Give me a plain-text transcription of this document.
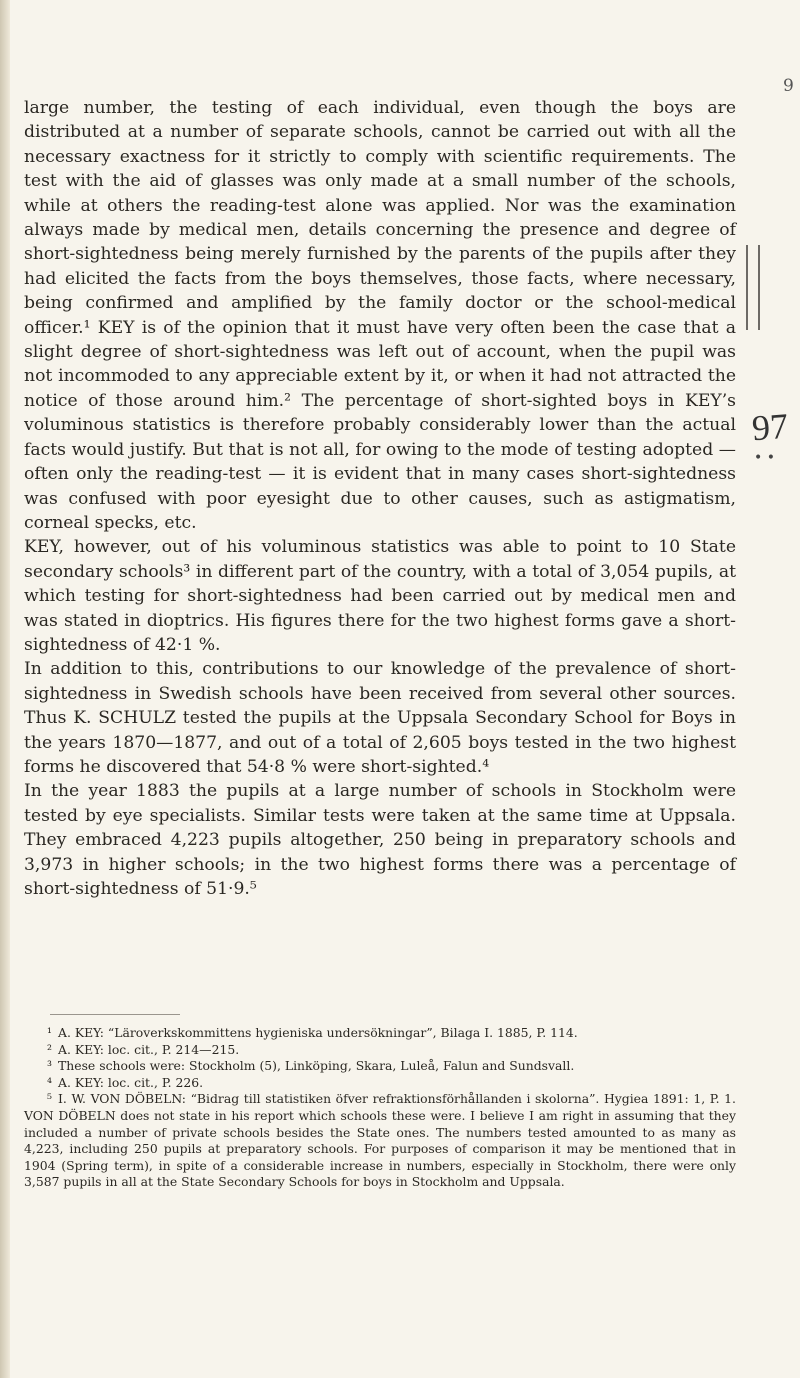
9
97
• •

large number, the testing of each individual, even though the boys are distributed at a number of separate schools, cannot be carried out with all the necessary exactness for it strictly to comply with scientific requirements. The test with the aid of glasses was only made at a small number of the schools, while at others the reading-test alone was applied. Nor was the examination always made by medical men, details concerning the presence and degree of short-sightedness being merely furnished by the parents of the pupils after they had elicited the facts from the boys themselves, those facts, where necessary, being confirmed and amplified by the family doctor or the school-medical officer.¹ KEY is of the opinion that it must have very often been the case that a slight degree of short-sightedness was left out of account, when the pupil was not incommoded to any appreciable extent by it, or when it had not attracted the notice of those around him.² The percentage of short-sighted boys in KEY’s voluminous statistics is therefore probably considerably lower than the actual facts would justify. But that is not all, for owing to the mode of testing adopted — often only the reading-test — it is evident that in many cases short-sightedness was confused with poor eyesight due to other causes, such as astigmatism, corneal specks, etc.

KEY, however, out of his voluminous statistics was able to point to 10 State secondary schools³ in different part of the country, with a total of 3,054 pupils, at which testing for short-sightedness had been carried out by medical men and was stated in dioptrics. His figures there for the two highest forms gave a short-sightedness of 42·1 %.

In addition to this, contributions to our knowledge of the prevalence of short-sightedness in Swedish schools have been received from several other sources. Thus K. SCHULZ tested the pupils at the Uppsala Secondary School for Boys in the years 1870—1877, and out of a total of 2,605 boys tested in the two highest forms he discovered that 54·8 % were short-sighted.⁴

In the year 1883 the pupils at a large number of schools in Stockholm were tested by eye specialists. Similar tests were taken at the same time at Uppsala. They embraced 4,223 pupils altogether, 250 being in preparatory schools and 3,973 in higher schools; in the two highest forms there was a percentage of short-sightedness of 51·9.⁵

¹ A. KEY: “Läroverkskommittens hygieniska undersökningar”, Bilaga I. 1885, P. 114.

² A. KEY: loc. cit., P. 214—215.

³ These schools were: Stockholm (5), Linköping, Skara, Luleå, Falun and Sundsvall.

⁴ A. KEY: loc. cit., P. 226.

⁵ I. W. VON DÖBELN: “Bidrag till statistiken öfver refraktionsförhållanden i skolorna”. Hygiea 1891: 1, P. 1. VON DÖBELN does not state in his report which schools these were. I believe I am right in assuming that they included a number of private schools besides the State ones. The numbers tested amounted to as many as 4,223, including 250 pupils at preparatory schools. For purposes of comparison it may be mentioned that in 1904 (Spring term), in spite of a considerable increase in numbers, especially in Stockholm, there were only 3,587 pupils in all at the State Secondary Schools for boys in Stockholm and Uppsala.
